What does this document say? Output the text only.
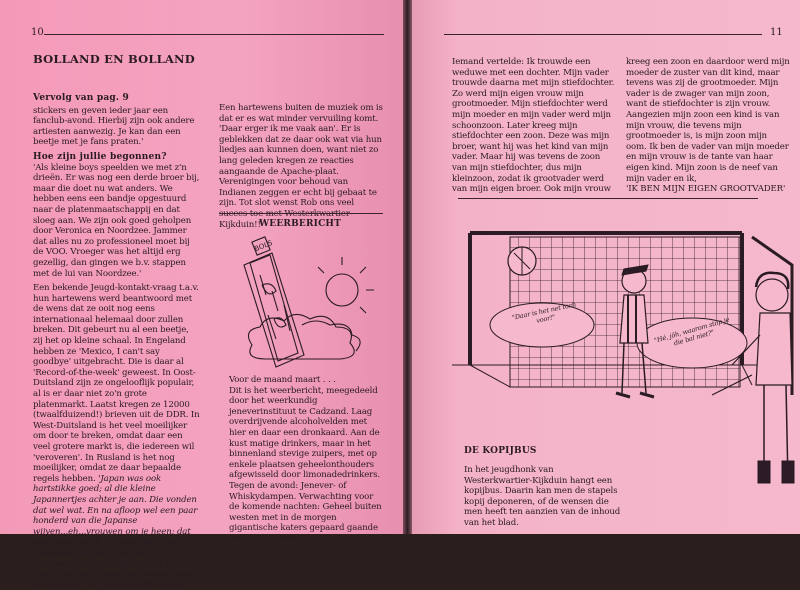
10
BOLLAND EN BOLLAND

Vervolg van pag. 9

stickers en geven ieder jaar een fanclub-avond. Hierbij zijn ook andere artiesten aanwezig. Je kan dan een beetje met je fans praten.'

Hoe zijn jullie begonnen?

'Als kleine boys speelden we met z'n drieën. Er was nog een derde broer bij, maar die doet nu wat anders. We hebben eens een bandje opgestuurd naar de platenmaatschappij en dat sloeg aan. We zijn ook goed geholpen door Veronica en Noordzee. Jammer dat alles nu zo professioneel moet bij de VOO. Vroeger was het altijd erg gezellig, dan gingen we b.v. stappen met de lui van Noordzee.'

Een bekende Jeugd-kontakt-vraag t.a.v. hun hartewens werd beantwoord met de wens dat ze ooit nog eens internationaal helemaal door zullen breken. Dit gebeurt nu al een beetje, zij het op kleine schaal. In Engeland hebben ze 'Mexico, I can't say goodbye' uitgebracht. Die is daar al 'Record-of-the-week' geweest. In Oost-Duitsland zijn ze ongelooflijk populair, al is er daar niet zo'n grote platenmarkt. Laatst kregen ze 12000 (twaalfduizend!) brieven uit de DDR. In West-Duitsland is het veel moeilijker om door te breken, omdat daar een veel grotere markt is, die iedereen wil 'veroveren'. In Rusland is het nog moeilijker, omdat ze daar bepaalde regels hebben. 'Japan was ook hartstikke goed; al die kleine Japannertjes achter je aan. Die vonden dat wel wat. En na afloop wel een paar honderd van die Japanse wijven...eh...vrouwen om je heen; dat was ongelooflijk'. In Amerika is er helemaal niet aan te komen. Ze zijn er geweest om een beetje rond te kijken, maar voordat je daar doorbreekt moet je wel eerst zo'n te-gekke-hit maken.

Een hartewens buiten de muziek om is dat er es wat minder vervuiling komt. 'Daar erger ik me vaak aan'. Er is geblekken dat ze daar ook wat via hun liedjes aan kunnen doen, want niet zo lang geleden kregen ze reacties aangaande de Apache-plaat. Verenigingen voor behoud van Indianen zeggen er echt bij gebaat te zijn. Tot slot wenst Rob ons veel succes toe met Westerkwartier-Kijkduin!!

WEERBERICHT
BOLS

Voor de maand maart . . .

Dit is het weerbericht, meegedeeld door het weerkundig jeneverinstituut te Cadzand. Laag overdrijvende alcoholvelden met hier en daar een dronkaard. Aan de kust matige drinkers, maar in het binnenland stevige zuipers, met op enkele plaatsen geheelonthouders afgewisseld door limonadedrinkers. Tegen de avond: Jenever- of Whiskydampen. Verwachting voor de komende nachten: Geheel buiten westen met in de morgen gigantische katers gepaard gaande met enige opklaringen.

11
Iemand vertelde: Ik trouwde een weduwe met een dochter. Mijn vader trouwde daarna met mijn stiefdochter. Zo werd mijn eigen vrouw mijn grootmoeder. Mijn stiefdochter werd mijn moeder en mijn vader werd mijn schoonzoon. Later kreeg mijn stiefdochter een zoon. Deze was mijn broer, want hij was het kind van mijn vader. Maar hij was tevens de zoon van mijn stiefdochter, dus mijn kleinzoon, zodat ik grootvader werd van mijn eigen broer. Ook mijn vrouw

kreeg een zoon en daardoor werd mijn moeder de zuster van dit kind, maar tevens was zij de grootmoeder. Mijn vader is de zwager van mijn zoon, want de stiefdochter is zijn vrouw. Aangezien mijn zoon een kind is van mijn vrouw, die tevens mijn grootmoeder is, is mijn zoon mijn oom. Ik ben de vader van mijn moeder en mijn vrouw is de tante van haar eigen kind. Mijn zoon is de neef van mijn vader en ik,

'IK BEN MIJN EIGEN GROOTVADER'

"Daar is het net toch voor!"	"Hé, jôh, waarom stop je die bal niet?"
DE KOPIJBUS
In het jeugdhonk van Westerkwartier-Kijkduin hangt een kopijbus. Daarin kan men de stapels kopij deponeren, of de wensen die men heeft ten aanzien van de inhoud van het blad.
